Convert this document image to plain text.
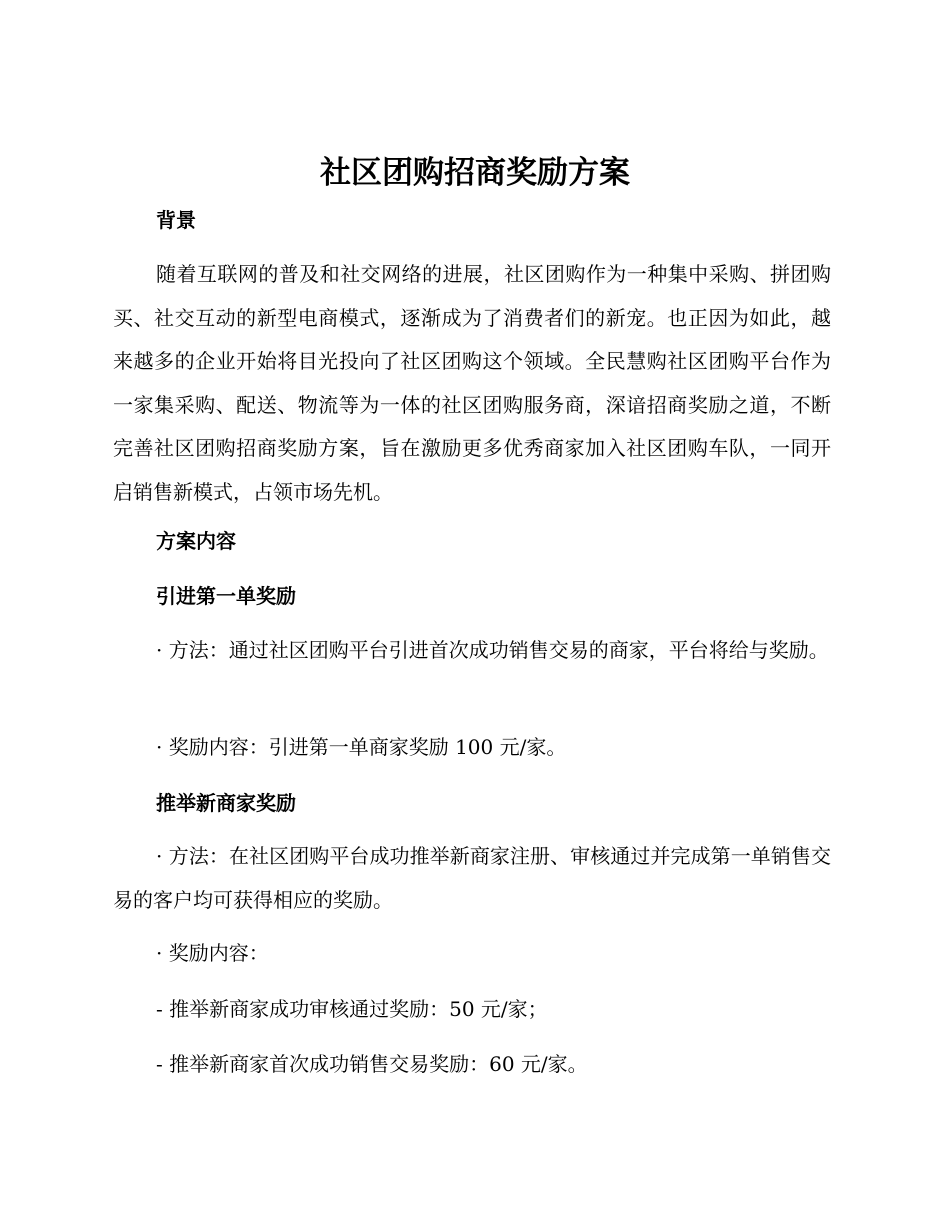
社区团购招商奖励方案
背景

随着互联网的普及和社交网络的进展，社区团购作为一种集中采购、拼团购买、社交互动的新型电商模式，逐渐成为了消费者们的新宠。也正因为如此，越来越多的企业开始将目光投向了社区团购这个领域。全民慧购社区团购平台作为一家集采购、配送、物流等为一体的社区团购服务商，深谙招商奖励之道，不断完善社区团购招商奖励方案，旨在激励更多优秀商家加入社区团购车队，一同开启销售新模式，占领市场先机。

方案内容
引进第一单奖励

· 方法：通过社区团购平台引进首次成功销售交易的商家，平台将给与奖励。

· 奖励内容：引进第一单商家奖励 100 元/家。

推举新商家奖励

· 方法：在社区团购平台成功推举新商家注册、审核通过并完成第一单销售交易的客户均可获得相应的奖励。

· 奖励内容：

- 推举新商家成功审核通过奖励：50 元/家；

- 推举新商家首次成功销售交易奖励：60 元/家。
